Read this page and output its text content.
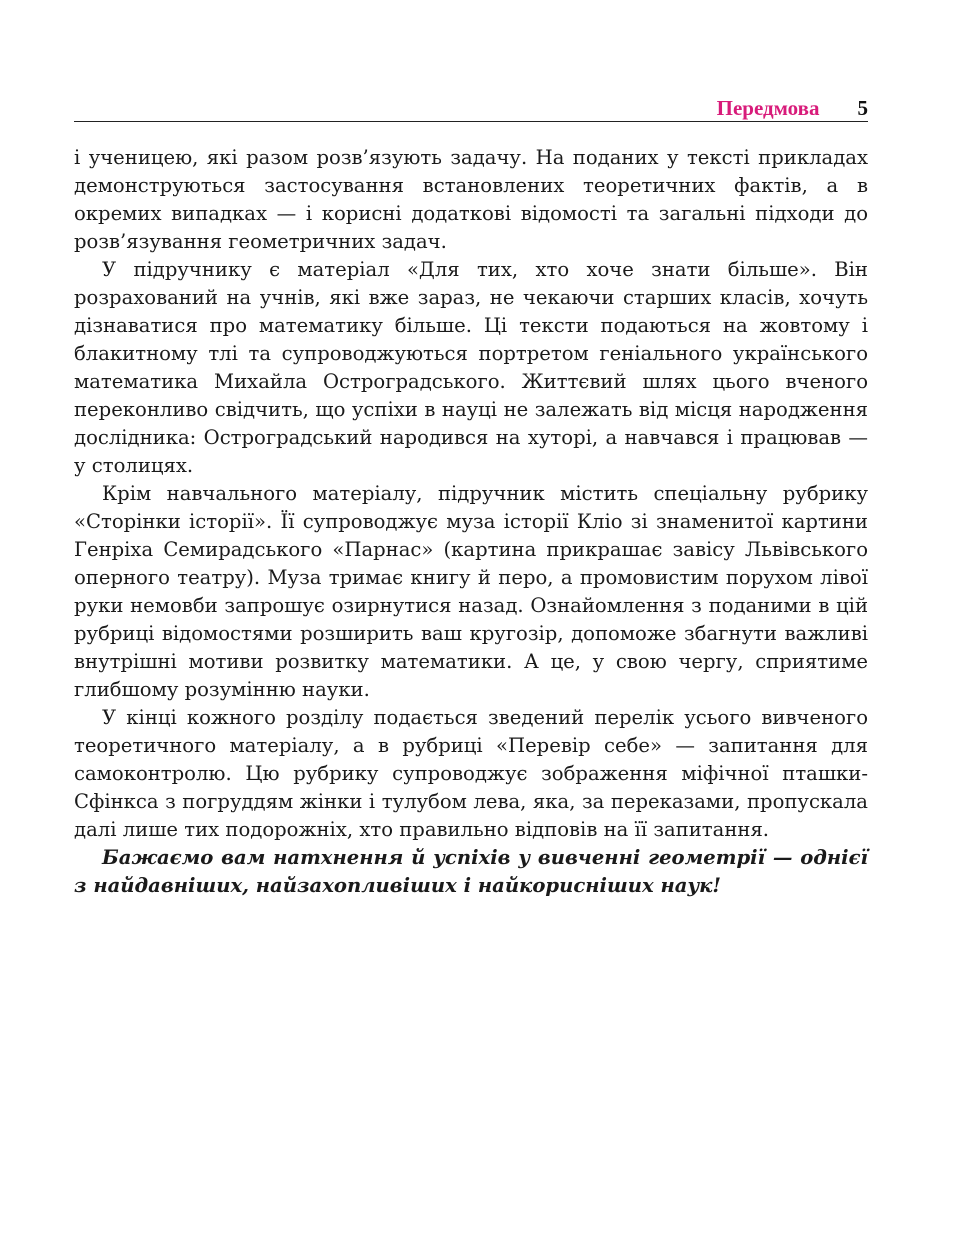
Передмова 5

і ученицею, які разом розв’язують задачу. На поданих у тексті прикладах демонструються застосування встановлених теоретичних фактів, а в окремих випадках — і корисні додаткові відомості та загальні підходи до розв’язування геометричних задач.

У підручнику є матеріал «Для тих, хто хоче знати більше». Він розрахований на учнів, які вже зараз, не чекаючи старших класів, хочуть дізнаватися про математику більше. Ці тексти подаються на жовтому і блакитному тлі та супроводжуються портретом геніального українського математика Михайла Остроградського. Життєвий шлях цього вченого переконливо свідчить, що успіхи в науці не залежать від місця народження дослідника: Остроградський народився на хуторі, а навчався і працював — у столицях.

Крім навчального матеріалу, підручник містить спеціальну рубрику «Сторінки історії». Її супроводжує муза історії Кліо зі знаменитої картини Генріха Семирадського «Парнас» (картина прикрашає завісу Львівського оперного театру). Муза тримає книгу й перо, а промовистим порухом лівої руки немовби запрошує озирнутися назад. Ознайомлення з поданими в цій рубриці відомостями розширить ваш кругозір, допоможе збагнути важливі внутрішні мотиви розвитку математики. А це, у свою чергу, сприятиме глибшому розумінню науки.

У кінці кожного розділу подається зведений перелік усього вивченого теоретичного матеріалу, а в рубриці «Перевір себе» — запитання для самоконтролю. Цю рубрику супроводжує зображення міфічної пташки-Сфінкса з погруддям жінки і тулубом лева, яка, за переказами, пропускала далі лише тих подорожніх, хто правильно відповів на її запитання.

Бажаємо вам натхнення й успіхів у вивченні геометрії — однієї з найдавніших, найзахопливіших і найкорисніших наук!
